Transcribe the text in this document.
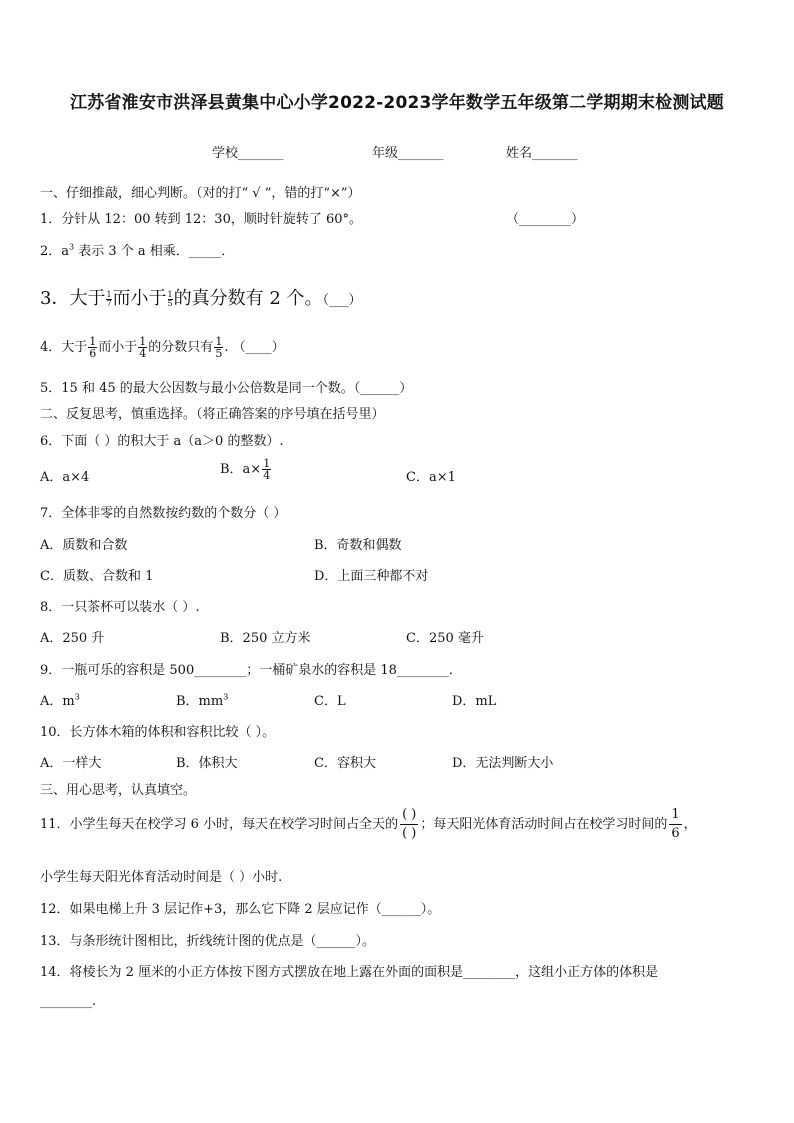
江苏省淮安市洪泽县黄集中心小学2022-2023学年数学五年级第二学期期末检测试题
学校_______	年级_______	姓名_______
一、仔细推敲，细心判断。（对的打“ √ ”，错的打“×”）
1．分针从 12：00 转到 12：30，顺时针旋转了 60°。	（________）
2．$a^3$ 表示 3 个 a 相乘．_____．
3．大于 $\frac{1}{7}$ 而小于 $\frac{1}{5}$ 的真分数有 2 个。（___）
4．大于 $\frac{1}{6}$ 而小于 $\frac{1}{4}$ 的分数只有 $\frac{1}{5}$ . （____）
5．15 和 45 的最大公因数与最小公倍数是同一个数。（______）
二、反复思考，慎重选择。（将正确答案的序号填在括号里）
6．下面（ ）的积大于 a（a＞0 的整数）.
A．a×4
B．$a\times \frac{1}{4}$	C．a×1
7．全体非零的自然数按约数的个数分（ ）
A．质数和合数	B．奇数和偶数
C．质数、合数和 1	D．上面三种都不对
8．一只茶杯可以装水（ ）.
A．250 升	B．250 立方米	C．250 毫升
9．一瓶可乐的容积是 500________；一桶矿泉水的容积是 18________．
A．$m^3$	B．$mm^3$	C．L	D．mL
10．长方体木箱的体积和容积比较（ ）。
A．一样大	B．体积大	C．容积大	D．无法判断大小
三、用心思考，认真填空。
11．小学生每天在校学习 6 小时，每天在校学习时间占全天的 $\frac{( )}{( )}$ ；每天阳光体育活动时间占在校学习时间的 $\frac{1}{6}$ ，
小学生每天阳光体育活动时间是（ ）小时.
12．如果电梯上升 3 层记作+3，那么它下降 2 层应记作（______）。
13．与条形统计图相比，折线统计图的优点是（______）。
14．将棱长为 2 厘米的小正方体按下图方式摆放在地上露在外面的面积是________，这组小正方体的体积是
________.
